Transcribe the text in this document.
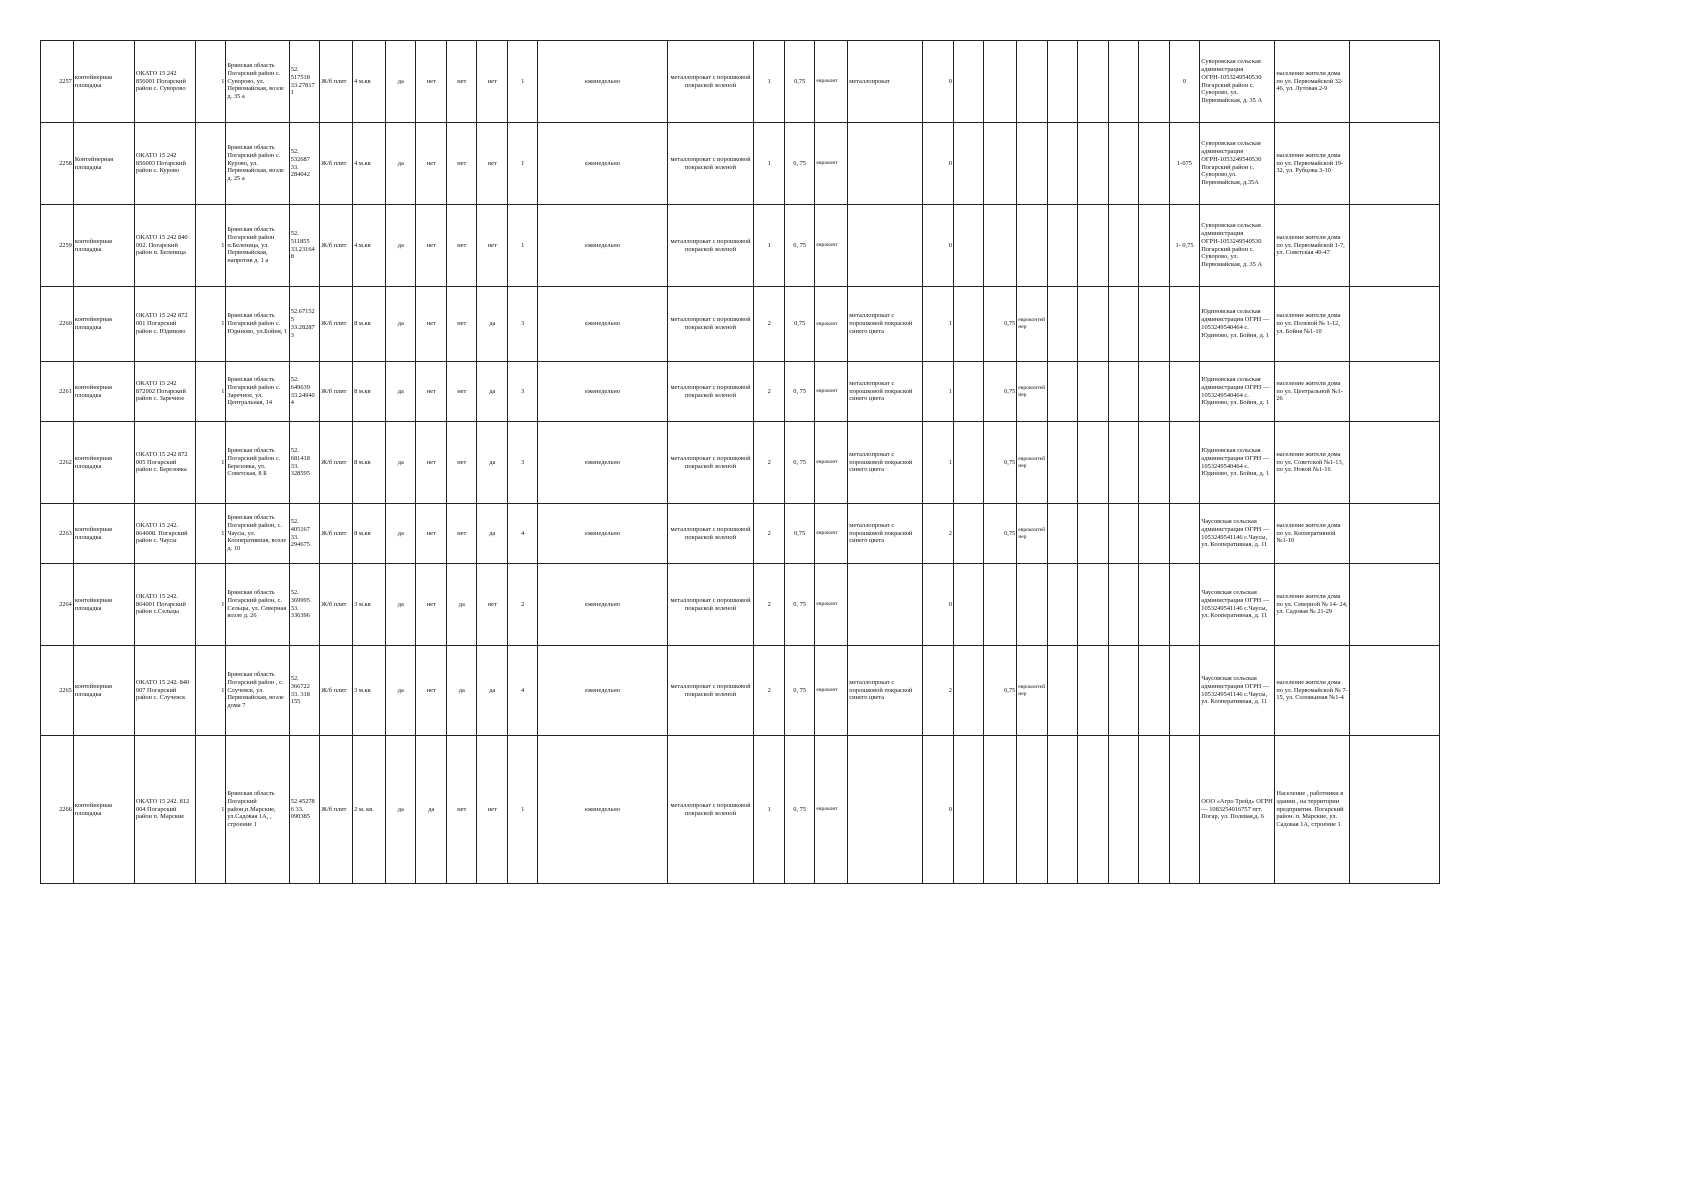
2257	контейнерная площадка	ОКАТО 15 242 856001 Погарский район с. Суворово	1	Брянская область Погарский район с. Суворово, ул. Первомайская, возле д. 35 а	52. 517518 33.27817 1	Ж/б плит	4 м.кв	да	нет	нет	нет	1	еженедельно	металлопрокат с порошковой покраской зеленой	1	0,75	евроконт	металлопрокат	0								0	Суворовская сельская администрация ОГРН-1053249540530 Погарский район с. Суворово, ул. Первомайская, д. 35 А	население жители дома по ул. Первомайской 32-46, ул. Лутовая 2-9	
2258	Контейнерная площадка	ОКАТО 15 242 856003 Погарский район с. Курово		Брянская область Погарский район с. Курово, ул. Первомайская, возле д. 25 а	52. 532687 33. 284042	Ж/б плит	4 м.кв	да	нет	нет	нет	1	еженедельно	металлопрокат с порошковой покраской зеленой	1	0, 75	евроконт		0								1-075	Суворовская сельская администрация ОГРН-1053249540530 Погарский район с. Суворово,ул. Первомайская, д.35А	население жители дома по ул. Первомайской 19-32, ул. Рубцова 3-10	
2259	контейнерная площадка	ОКАТО 15 242 840 002. Погарский район п. Беленица	1	Брянская область Погарский район п.Беленица, ул. Первомайская, напротив д. 1 а	52. 511855 33.23164 8	Ж/б плит	4 м.кв	да	нет	нет	нет	1	еженедельно	металлопрокат с порошковой покраской зеленой	1	0, 75	евроконт		0								1- 0,75	Суворовская сельская администрация ОГРН-1053249540530 Погарский район с. Суворово, ул. Первомайская, д. 35 А	население жители дома по ул. Первомайской 1-7, ул. Советская 40-47	
2260	контейнерная площадка	ОКАТО 15 242 872 001 Погарский район с. Юдиново	1	Брянская область Погарский район с. Юдиново, ул.Бойня, 1	52.67152 5 33.28287 3	Ж/б плит	8 м.кв	да	нет	нет	да	3	еженедельно	металлопрокат с порошковой покраской зеленой	2	0,75	евроконт	металлопрокат с порошковой покраской синего цвета	1		0,75	евроконтейнер						Юдиновская сельская администрация ОГРН — 1053249540464 с. Юдиново, ул. Бойня, д. 1	население жители дома по ул. Полевой № 1-12, ул. Бойня №1-10	
2261	контейнерная площадка	ОКАТО 15 242 872002 Погарский район с. Заречное	1	Брянская область Погарский район с. Заречное, ул. Центральная, 14	52. 649639 33.24940 4	Ж/б плит	8 м.кв	да	нет	нет	да	3	еженедельно	металлопрокат с порошковой покраской зеленой	2	0, 75	евроконт	металлопрокат с порошковой покраской синего цвета	1		0,75	евроконтейнер						Юдиновская сельская администрация ОГРН — 1053249540464 с. Юдиново, ул. Бойня, д. 1	население жители дома по ул. Центральной №1-26	
2262	контейнерная площадка	ОКАТО 15 242 872 005 Погарский район с. Березовка	1	Брянская область Погарский район с. Березовка, ул. Советская, 8 Б	52. 681418 33. 328595	Ж/б плит	8 м.кв	да	нет	нет	да	3	еженедельно	металлопрокат с порошковой покраской зеленой	2	0, 75	евроконт	металлопрокат с порошковой покраской синего цвета	1		0,75	евроконтейнер						Юдиновская сельская администрация ОГРН — 1053249540464 с. Юдиново, ул. Бойня, д. 1	население жители дома по ул. Советской №1-13, по ул. Новой №1-16	
2263	контейнерная площадка	ОКАТО 15 242. 864008. Погарский район с. Чаусы	1	Брянская область Погарский район, с. Чаусы, ул. Кооперативная, возле д. 10	52. 405167 33. 294675	Ж/б плит	8 м.кв	да	нет	нет	да	4	еженедельно	металлопрокат с порошковой покраской зеленой	2	0,75	евроконт	металлопрокат с порошковой покраской синего цвета	2		0,75	евроконтейнер						Чаусовская сельская администрация ОГРН — 1053249541146 с.Чаусы, ул. Кооперативная, д. 11	население жители дома по ул. Кооперативной №1-10	
2264	контейнерная площадка	ОКАТО 15 242. 864001 Погарский район с.Сельцы	1	Брянская область Погарский район, с. Сельцы, ул. Северная возле д. 26	52. 369995 33. 336396	Ж/б плит	3 м.кв	да	нет	да	нет	2	еженедельно	металлопрокат с порошковой покраской зеленой	2	0, 75	евроконт		0									Чаусовская сельская администрация ОГРН — 1053249541146 с.Чаусы, ул. Кооперативная, д. 11	население жители дома по ул. Северной № 14- 24, ул. Садовая № 21-29	
2265	контейнерная площадка	ОКАТО 15 242. 840 007 Погарский район с. Случевск	1	Брянская область Погарский район , с. Случевск, ул. Первомайская, возле дома 7	52. 366722 33. 318 155	Ж/б плит	3 м.кв	да	нет	да	да	4	еженедельно	металлопрокат с порошковой покраской зеленой	2	0, 75	евроконт	металлопрокат с порошковой покраской синего цвета	2		0,75	евроконтейнер						Чаусовская сельская администрация ОГРН — 1053249541146 с.Чаусы, ул. Кооперативная, д. 11	население жители дома по ул. Первомайской № 7-15, ул. Соловьиная №1-4	
2266	контейнерная площадка	ОКАТО 15 242. 812 004 Погарский район п. Марские	1	Брянская область Погарский район,п.Марские, ул.Садовая 1А, , строение 1	52.45278 6 33. 090385	Ж/б плит	2 м. кв.	да	да	нет	нет	1	еженедельно	металлопрокат с порошковой покраской зеленой	1	0, 75	евроконт		0									ООО «Агро Трейд» ОГРН — 1083254016757 пгт. Погар, ул. Полевая,д. 6	Население , работники в здании , на территории предприятия. Погарский район. п. Марские, ул. Садовая 1А, строение 1	
